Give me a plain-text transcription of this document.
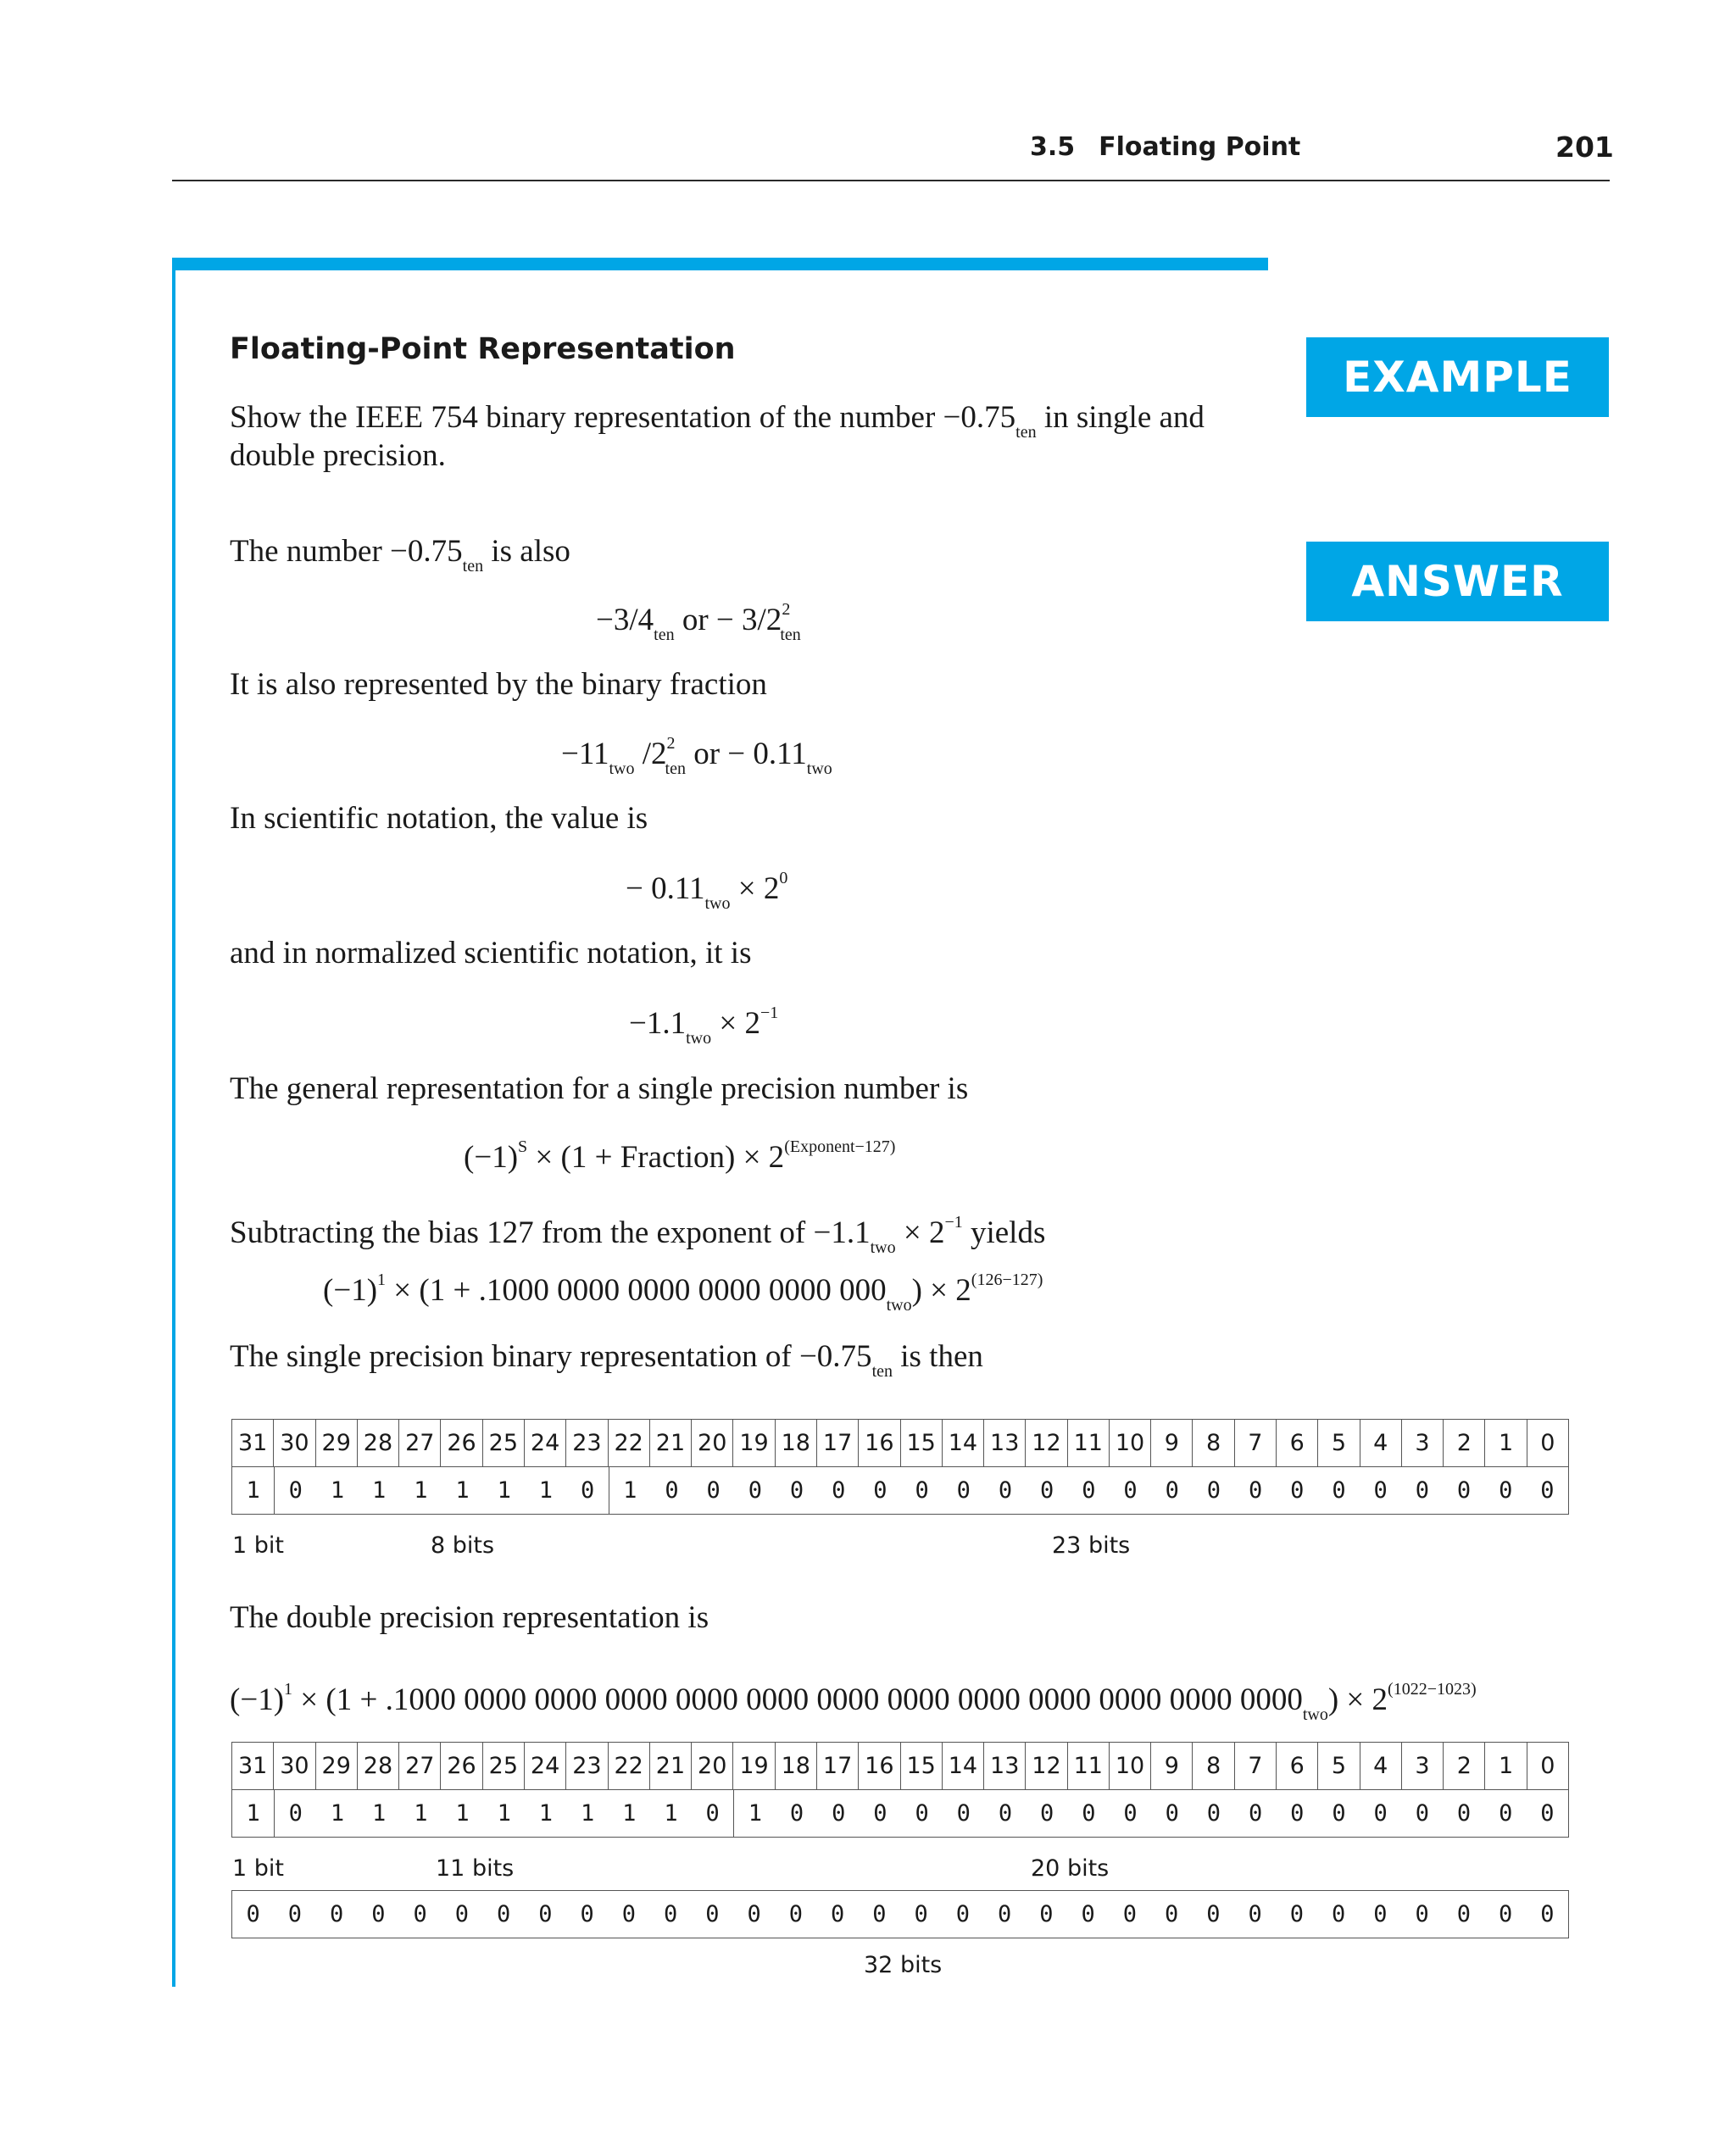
3.5 Floating Point	201
EXAMPLE
ANSWER
Floating-Point Representation
Show the IEEE 754 binary representation of the number $-0.75_{ten}$ in single and
double precision.
The number $-0.75_{ten}$ is also
$-3/4_{ten}$ or − $3/2^2_{ten}$
It is also represented by the binary fraction
$-11_{two}$ $/2^2_{ten}$ or − $0.11_{two}$
In scientific notation, the value is
− $0.11_{two} \times 2^0$
and in normalized scientific notation, it is
$-1.1_{two} \times 2^{-1}$
The general representation for a single precision number is
$(-1)^S \times (1$ + Fraction) × $2^{(Exponent-127)}$
Subtracting the bias 127 from the exponent of $-1.1_{two} \times 2^{-1}$ yields
$(-1)^1 \times (1 + .1000$ 0000 0000 0000 0000 $000_{two}) \times 2^{(126-127)}$
The single precision binary representation of $-0.75_{ten}$ is then
31 30 29 28 27 26 25 24 23 22 21 20 19 18 17 16 15 14 13 12 11 10 9	8	7	6	5	4	3	2	1	0
1	0	1	1	1	1	1	1	0	1	0	0	0	0	0	0	0	0	0	0	0	0	0	0	0	0	0	0	0	0	0	0
1 bit	8 bits	23 bits
The double precision representation is
$(-1)^1 \times (1 + .1000$ 0000 0000 0000 0000 0000 0000 0000 0000 0000 0000 0000 $0000_{two}) \times 2^{(1022-1023)}$
31 30 29 28 27 26 25 24 23 22 21 20 19 18 17 16 15 14 13 12 11 10 9	8	7	6	5	4	3	2	1	0
1	0	1	1	1	1	1	1	1	1	1	0	1	0	0	0	0	0	0	0	0	0	0	0	0	0	0	0	0	0	0	0
1 bit	11 bits	20 bits
0	0	0	0	0	0	0	0	0	0	0	0	0	0	0	0	0	0	0	0	0	0	0	0	0	0	0	0	0	0	0	0
32 bits
